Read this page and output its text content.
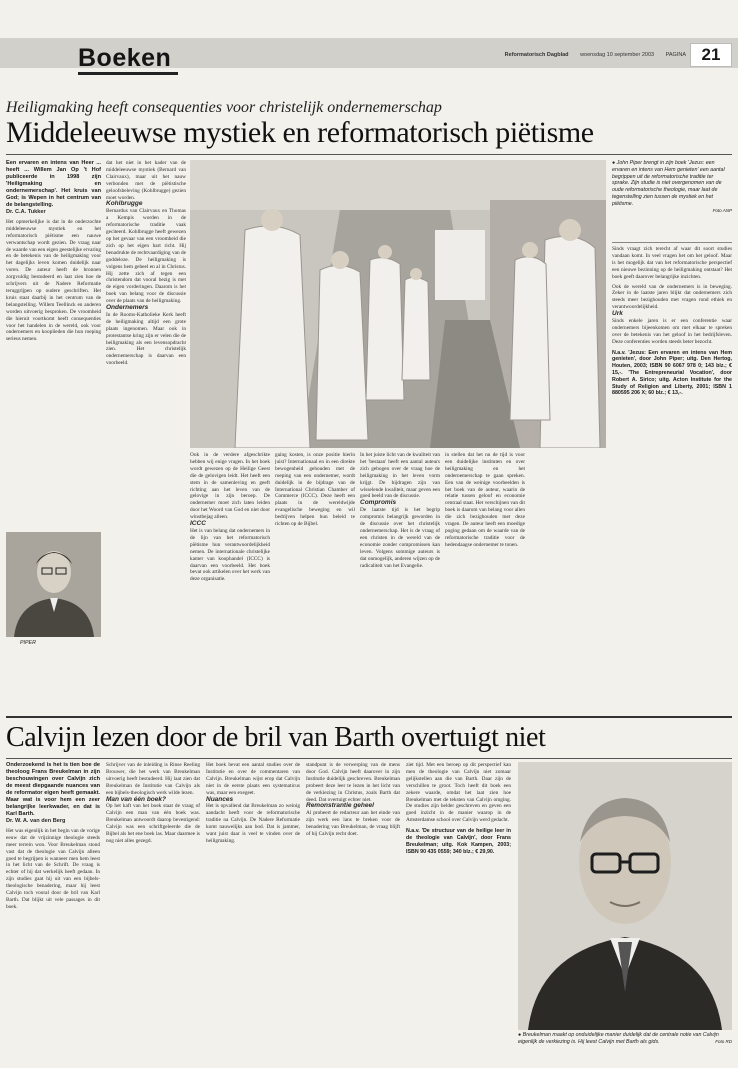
Boeken	Reformatorisch Dagblad woensdag 10 september 2003 PAGINA 21
Heiligmaking heeft consequenties voor christelijk ondernemerschap
Middeleeuwse mystiek en reformatorisch piëtisme

Een ervaren en intens van Heer ... heeft ... Willem Jan Op 't Hof publiceerde in 1998 zijn 'Heiligmaking en ondernemerschap'. Het kruis van God; is Wepen in het centrum van de belangstelling.

Dr. C.A. Tukker

Het opmerkelijke is dat in de onderzochte middeleeuwse mystiek en het reformatorisch piëtisme een nauwe verwantschap wordt gezien. De vraag naar de waarde van een eigen geestelijke ervaring en de betekenis van de heiligmaking voor het dagelijks leven komen duidelijk naar voren. De auteur heeft de bronnen zorgvuldig bestudeerd en laat zien hoe de schrijvers uit de Nadere Reformatie teruggrijpen op oudere geschriften. Het kruis staat daarbij in het centrum van de belangstelling. Willem Teellinck en anderen worden uitvoerig besproken. De vroomheid die hieruit voortkomt heeft consequenties voor het handelen in de wereld, ook voor ondernemers en kooplieden die hun roeping serieus nemen.

PIPER

dat het niet in het kader van de middeleeuwse mystiek (Bernard van Clairvaux), maar uit het nauw verbonden met de piëtistische geloofsbeleving (Kohlbrugge) gezien moet worden.

Kohlbrugge

Bernardus van Clairvaux en Thomas a Kempis worden in de reformatorische traditie vaak geciteerd. Kohlbrugge heeft gewezen op het gevaar van een vroomheid die zich op het eigen hart richt. Hij benadrukte de rechtvaardiging van de goddeloze. De heiligmaking is volgens hem geheel en al in Christus. Hij zette zich af tegen een christendom dat vooral bezig is met de eigen vorderingen. Daarom is het boek van belang voor de discussie over de plaats van de heiligmaking.

Ondernemers

In de Rooms-Katholieke Kerk heeft de heiligmaking altijd een grote plaats ingenomen. Maar ook in protestantse kring zijn er velen die de heiligmaking als een levensopdracht zien. Het christelijk ondernemerschap is daarvan een voorbeeld.

Ook in de verdere afgeschrikte hebben wij enige vragen. In het boek wordt gewezen op de Heilige Geest die de gelovigen leidt. Het heeft een stem in de samenleving en geeft richting aan het leven van de gelovige in zijn beroep. De ondernemer moet zich laten leiden door het Woord van God en niet door winstbejag alleen.

ICCC

Het is van belang dat ondernemers in de lijn van het reformatorisch piëtisme hun verantwoordelijkheid nemen. De internationale christelijke kamer van koophandel (ICCC) is daarvan een voorbeeld. Het boek bevat ook artikelen over het werk van deze organisatie.

gaing kosten, is onze positie hierin juist? Internationaal en in een direkte bewogenheid gehouden met de roeping van een ondernemer, wordt duidelijk in de bijdrage van de International Christian Chamber of Commerce (ICCC). Deze heeft een plaats in de wereldwijde evangelische beweging en wil bedrijven helpen hun beleid te richten op de Bijbel.

In het juiste licht van de kwaliteit van het 'bestaan' heeft een aantal auteurs zich gebogen over de vraag hoe de heiligmaking in het leven vorm krijgt. De bijdragen zijn van wisselende kwaliteit, maar geven een goed beeld van de discussie.

Compromis

De laatste tijd is het begrip compromis belangrijk geworden in de discussie over het christelijk ondernemerschap. Het is de vraag of een christen in de wereld van de economie zonder compromissen kan leven. Volgens sommige auteurs is dat onmogelijk, anderen wijzen op de radicaliteit van het Evangelie.

in stellen dat het nu de tijd is voor een duidelijke instituten en over heiligmaking en het ondernemerschap te gaan spreken. Een van de weinige voorbeelden is het boek van de auteur, waarin de relatie tussen geloof en economie centraal staat. Het verschijnen van dit boek is daarom van belang voor allen die zich bezighouden met deze vragen. De auteur heeft een moedige poging gedaan om de waarde van de reformatorische traditie voor de hedendaagse ondernemer te tonen.

● John Piper brengt in zijn boek 'Jezus: een ervaren en intens van Hem genieten' een aantal begrippen uit de reformatorische traditie ter sprake. Zijn studie is niet overgenomen van de oude reformatorische theologie, maar laat de tegenstelling zien tussen de mystiek en het piëtisme.
Foto ANP

Sinds vraagt zich terecht af waar dit soort studies vandaan komt. In veel vragen het om het geloof. Maar is het mogelijk dat van het reformatorische perspectief een nieuwe bezinning op de heiligmaking ontstaat? Het boek geeft daarover belangrijke inzichten.

Ook de wereld van de ondernemers is in beweging. Zeker in de laatste jaren blijkt dat ondernemers zich steeds meer bezighouden met vragen rond ethiek en verantwoordelijkheid.

Urk

Sinds enkele jaren is er een conferentie waar ondernemers bijeenkomen om met elkaar te spreken over de betekenis van het geloof in het bedrijfsleven. Deze conferenties worden steeds beter bezocht.

N.a.v. 'Jezus: Een ervaren en intens van Hem genieten', door John Piper; uitg. Den Hertog, Houten, 2003; ISBN 90 6067 978 0; 143 blz.; € 15,-. 'The Entrepreneurial Vocation', door Robert A. Sirico; uitg. Acton Institute for the Study of Religion and Liberty, 2001; ISBN 1 880595 206 X; 60 blz.; € 13,-.

Calvijn lezen door de bril van Barth overtuigt niet

Onderzoekend is het is tien boe de theoloog Frans Breukelman in zijn beschouwingen over Calvijn zich de meest diepgaande nuances van de reformator eigen heeft gemaakt. Maar wat is voor hem een zeer belangrijke leerkwader, en dat is Karl Barth.

Dr. W. A. van den Berg

Het was eigenlijk in het begin van de vorige eeuw dat de vrijzinnige theologie steeds meer terrein won. Voor Breukelman stond vast dat de theologie van Calvijn alleen goed te begrijpen is wanneer men hem leest in het licht van de Schrift. De vraag is echter of hij dat werkelijk heeft gedaan. In zijn studies gaat hij uit van een bijbels-theologische benadering, maar hij leest Calvijn toch vooral door de bril van Karl Barth. Dat blijkt uit vele passages in dit boek.

Schrijver van de inleiding is Rinse Reeling Brouwer, die het werk van Breukelman uitvoerig heeft bestudeerd. Hij laat zien dat Breukelman de Institutie van Calvijn als een bijbels-theologisch werk wilde lezen.

Man van één boek?

Op het kaft van het boek staat de vraag of Calvijn een man van één boek was. Breukelman antwoordt daarop bevestigend: Calvijn was een schriftgeleerde die de Bijbel als het ene boek las. Maar daarmee is nog niet alles gezegd.

Het boek bevat een aantal studies over de Institutie en over de commentaren van Calvijn. Breukelman wijst erop dat Calvijn niet in de eerste plaats een systematicus was, maar een exegeet.

Nuances

Het is opvallend dat Breukelman zo weinig aandacht heeft voor de reformatorische traditie na Calvijn. De Nadere Reformatie komt nauwelijks aan bod. Dat is jammer, want juist daar is veel te vinden over de heiligmaking.

standpunt is de verwerping van de mens door God. Calvijn heeft daarover in zijn Institutie duidelijk geschreven. Breukelman probeert deze leer te lezen in het licht van de verkiezing in Christus, zoals Barth dat deed. Dat overtuigt echter niet.

Remonstrantie geheel

Al probeert de redacteur aan het einde van zijn werk een lans te breken voor de benadering van Breukelman, de vraag blijft of hij Calvijn recht doet.

ziet tijd. Met een beroep op dit perspectief kan men de theologie van Calvijn niet zomaar gelijkstellen aan die van Barth. Daar zijn de verschillen te groot. Toch heeft dit boek een zekere waarde, omdat het laat zien hoe Breukelman met de teksten van Calvijn omging. De studies zijn helder geschreven en geven een goed inzicht in de manier waarop in de Amsterdamse school over Calvijn werd gedacht.

N.a.v. 'De structuur van de heilige leer in de theologie van Calvijn', door Frans Breukelman; uitg. Kok Kampen, 2003; ISBN 90 435 0559; 340 blz.; € 29,90.

● Breukelman maakt op onduidelijke manier duidelijk dat de centrale notie van Calvijn eigenlijk de verkiezing is. Hij leest Calvijn met Barth als gids.	Foto RD
